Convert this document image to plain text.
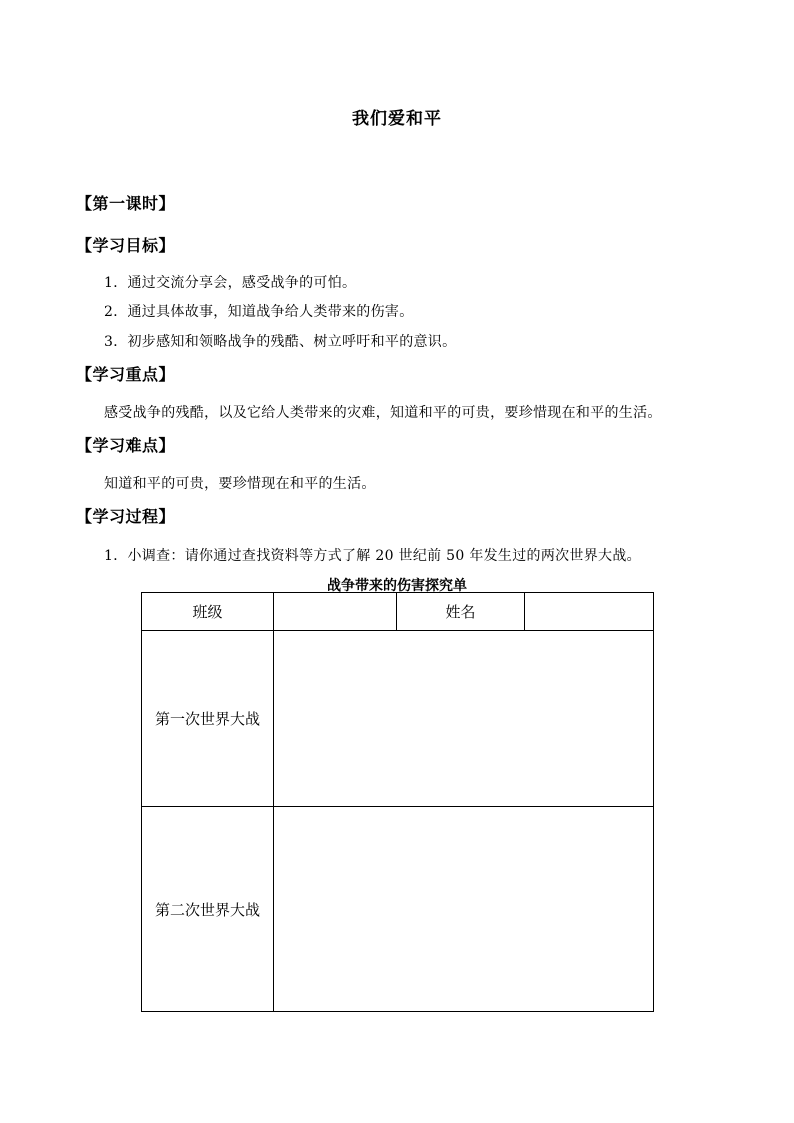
我们爱和平
【第一课时】
【学习目标】
1．通过交流分享会，感受战争的可怕。
2．通过具体故事，知道战争给人类带来的伤害。
3．初步感知和领略战争的残酷、树立呼吁和平的意识。
【学习重点】
感受战争的残酷，以及它给人类带来的灾难，知道和平的可贵，要珍惜现在和平的生活。
【学习难点】
知道和平的可贵，要珍惜现在和平的生活。
【学习过程】
1．小调查：请你通过查找资料等方式了解 20 世纪前 50 年发生过的两次世界大战。
战争带来的伤害探究单
班级		姓名	
第一次世界大战			
第二次世界大战			
